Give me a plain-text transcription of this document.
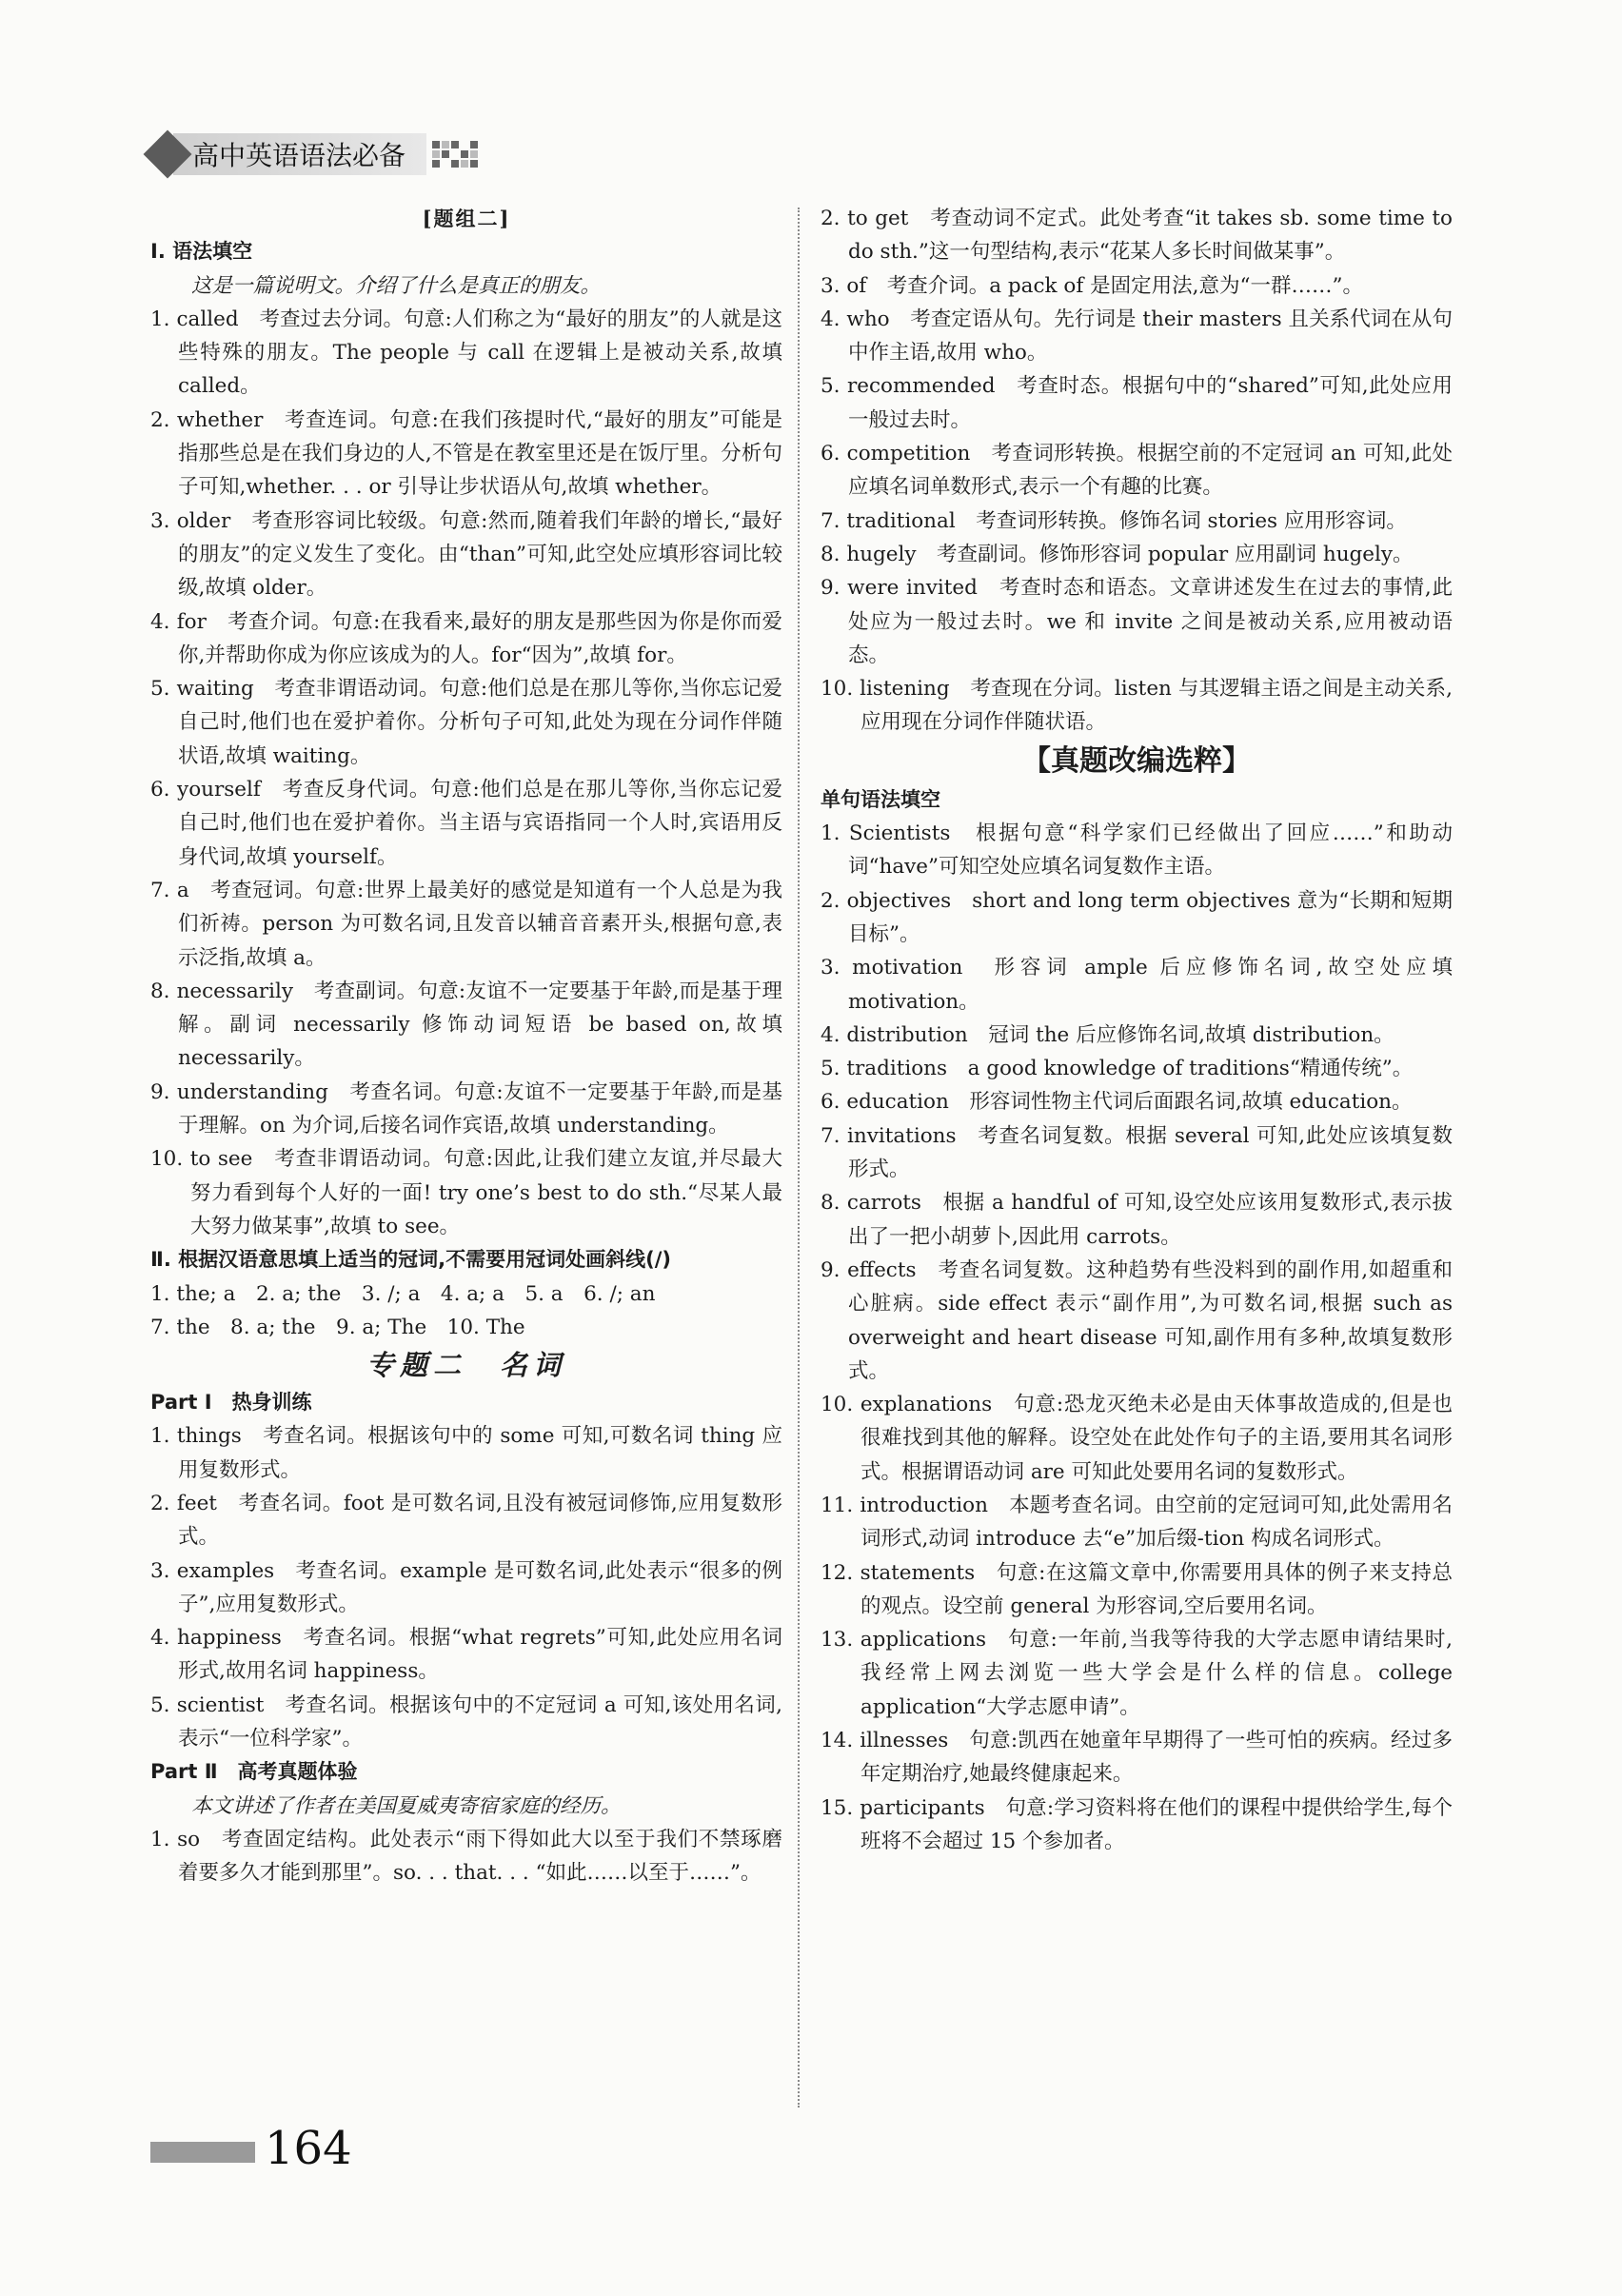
高中英语语法必备
[题组二]
Ⅰ. 语法填空
这是一篇说明文。介绍了什么是真正的朋友。
1. called　考查过去分词。句意:人们称之为“最好的朋友”的人就是这些特殊的朋友。The people 与 call 在逻辑上是被动关系,故填 called。
2. whether　考查连词。句意:在我们孩提时代,“最好的朋友”可能是指那些总是在我们身边的人,不管是在教室里还是在饭厅里。分析句子可知,whether. . . or 引导让步状语从句,故填 whether。
3. older　考查形容词比较级。句意:然而,随着我们年龄的增长,“最好的朋友”的定义发生了变化。由“than”可知,此空处应填形容词比较级,故填 older。
4. for　考查介词。句意:在我看来,最好的朋友是那些因为你是你而爱你,并帮助你成为你应该成为的人。for“因为”,故填 for。
5. waiting　考查非谓语动词。句意:他们总是在那儿等你,当你忘记爱自己时,他们也在爱护着你。分析句子可知,此处为现在分词作伴随状语,故填 waiting。
6. yourself　考查反身代词。句意:他们总是在那儿等你,当你忘记爱自己时,他们也在爱护着你。当主语与宾语指同一个人时,宾语用反身代词,故填 yourself。
7. a　考查冠词。句意:世界上最美好的感觉是知道有一个人总是为我们祈祷。person 为可数名词,且发音以辅音音素开头,根据句意,表示泛指,故填 a。
8. necessarily　考查副词。句意:友谊不一定要基于年龄,而是基于理解。副词 necessarily 修饰动词短语 be based on,故填 necessarily。
9. understanding　考查名词。句意:友谊不一定要基于年龄,而是基于理解。on 为介词,后接名词作宾语,故填 understanding。
10. to see　考查非谓语动词。句意:因此,让我们建立友谊,并尽最大努力看到每个人好的一面! try one’s best to do sth.“尽某人最大努力做某事”,故填 to see。
Ⅱ. 根据汉语意思填上适当的冠词,不需要用冠词处画斜线(/)
1. the; a　2. a; the　3. /; a　4. a; a　5. a　6. /; an
7. the　8. a; the　9. a; The　10. The
专题二　名词
Part Ⅰ　热身训练
1. things　考查名词。根据该句中的 some 可知,可数名词 thing 应用复数形式。
2. feet　考查名词。foot 是可数名词,且没有被冠词修饰,应用复数形式。
3. examples　考查名词。example 是可数名词,此处表示“很多的例子”,应用复数形式。
4. happiness　考查名词。根据“what regrets”可知,此处应用名词形式,故用名词 happiness。
5. scientist　考查名词。根据该句中的不定冠词 a 可知,该处用名词,表示“一位科学家”。
Part Ⅱ　高考真题体验
本文讲述了作者在美国夏威夷寄宿家庭的经历。
1. so　考查固定结构。此处表示“雨下得如此大以至于我们不禁琢磨着要多久才能到那里”。so. . . that. . . “如此……以至于……”。
2. to get　考查动词不定式。此处考查“it takes sb. some time to do sth.”这一句型结构,表示“花某人多长时间做某事”。
3. of　考查介词。a pack of 是固定用法,意为“一群……”。
4. who　考查定语从句。先行词是 their masters 且关系代词在从句中作主语,故用 who。
5. recommended　考查时态。根据句中的“shared”可知,此处应用一般过去时。
6. competition　考查词形转换。根据空前的不定冠词 an 可知,此处应填名词单数形式,表示一个有趣的比赛。
7. traditional　考查词形转换。修饰名词 stories 应用形容词。
8. hugely　考查副词。修饰形容词 popular 应用副词 hugely。
9. were invited　考查时态和语态。文章讲述发生在过去的事情,此处应为一般过去时。we 和 invite 之间是被动关系,应用被动语态。
10. listening　考查现在分词。listen 与其逻辑主语之间是主动关系,应用现在分词作伴随状语。
【真题改编选粹】
单句语法填空
1. Scientists　根据句意“科学家们已经做出了回应……”和助动词“have”可知空处应填名词复数作主语。
2. objectives　short and long term objectives 意为“长期和短期目标”。
3. motivation　形容词 ample 后应修饰名词,故空处应填 motivation。
4. distribution　冠词 the 后应修饰名词,故填 distribution。
5. traditions　a good knowledge of traditions“精通传统”。
6. education　形容词性物主代词后面跟名词,故填 education。
7. invitations　考查名词复数。根据 several 可知,此处应该填复数形式。
8. carrots　根据 a handful of 可知,设空处应该用复数形式,表示拔出了一把小胡萝卜,因此用 carrots。
9. effects　考查名词复数。这种趋势有些没料到的副作用,如超重和心脏病。side effect 表示“副作用”,为可数名词,根据 such as overweight and heart disease 可知,副作用有多种,故填复数形式。
10. explanations　句意:恐龙灭绝未必是由天体事故造成的,但是也很难找到其他的解释。设空处在此处作句子的主语,要用其名词形式。根据谓语动词 are 可知此处要用名词的复数形式。
11. introduction　本题考查名词。由空前的定冠词可知,此处需用名词形式,动词 introduce 去“e”加后缀-tion 构成名词形式。
12. statements　句意:在这篇文章中,你需要用具体的例子来支持总的观点。设空前 general 为形容词,空后要用名词。
13. applications　句意:一年前,当我等待我的大学志愿申请结果时,我经常上网去浏览一些大学会是什么样的信息。college application“大学志愿申请”。
14. illnesses　句意:凯西在她童年早期得了一些可怕的疾病。经过多年定期治疗,她最终健康起来。
15. participants　句意:学习资料将在他们的课程中提供给学生,每个班将不会超过 15 个参加者。
164
